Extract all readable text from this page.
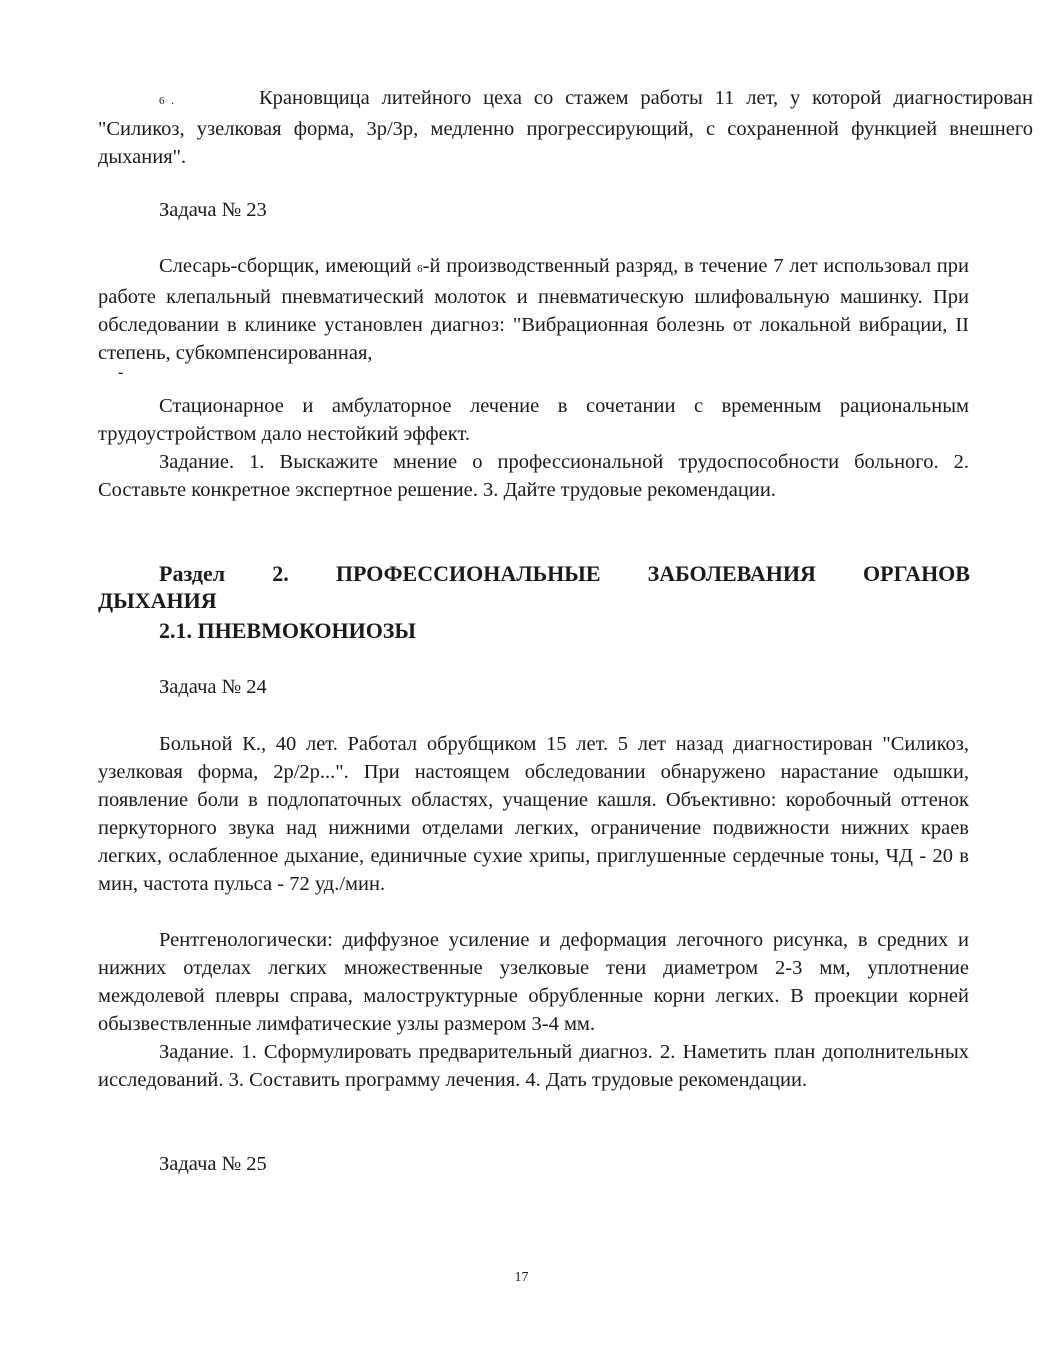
6 .	Крановщица литейного цеха со стажем работы 11 лет, у которой диагностирован "Силикоз, узелковая форма, 3р/3р, медленно прогрессирующий, с сохраненной функцией внешнего дыхания".

Задача № 23

Слесарь-сборщик, имеющий 6-й производственный разряд, в течение 7 лет использовал при работе клепальный пневматический молоток и пневматическую шлифовальную машинку. При обследовании в клинике установлен диагноз: "Вибрационная болезнь от локальной вибрации, II степень, субкомпенсированная,

-

Стационарное и амбулаторное лечение в сочетании с временным рациональным трудоустройством дало нестойкий эффект.

Задание. 1. Выскажите мнение о профессиональной трудоспособности больного. 2. Составьте конкретное экспертное решение. 3. Дайте трудовые рекомендации.

Раздел 2. ПРОФЕССИОНАЛЬНЫЕ ЗАБОЛЕВАНИЯ ОРГАНОВ
ДЫХАНИЯ

2.1. ПНЕВМОКОНИОЗЫ

Задача № 24

Больной К., 40 лет. Работал обрубщиком 15 лет. 5 лет назад диагностирован "Силикоз, узелковая форма, 2р/2р...". При настоящем обследовании обнаружено нарастание одышки, появление боли в подлопаточных областях, учащение кашля. Объективно: коробочный оттенок перкуторного звука над нижними отделами легких, ограничение подвижности нижних краев легких, ослабленное дыхание, единичные сухие хрипы, приглушенные сердечные тоны, ЧД - 20 в мин, частота пульса - 72 уд./мин.

Рентгенологически: диффузное усиление и деформация легочного рисунка, в средних и нижних отделах легких множественные узелковые тени диаметром 2-3 мм, уплотнение междолевой плевры справа, малоструктурные обрубленные корни легких. В проекции корней обызвествленные лимфатические узлы размером 3-4 мм.

Задание. 1. Сформулировать предварительный диагноз. 2. Наметить план дополнительных исследований. 3. Составить программу лечения. 4. Дать трудовые рекомендации.

Задача № 25

17
